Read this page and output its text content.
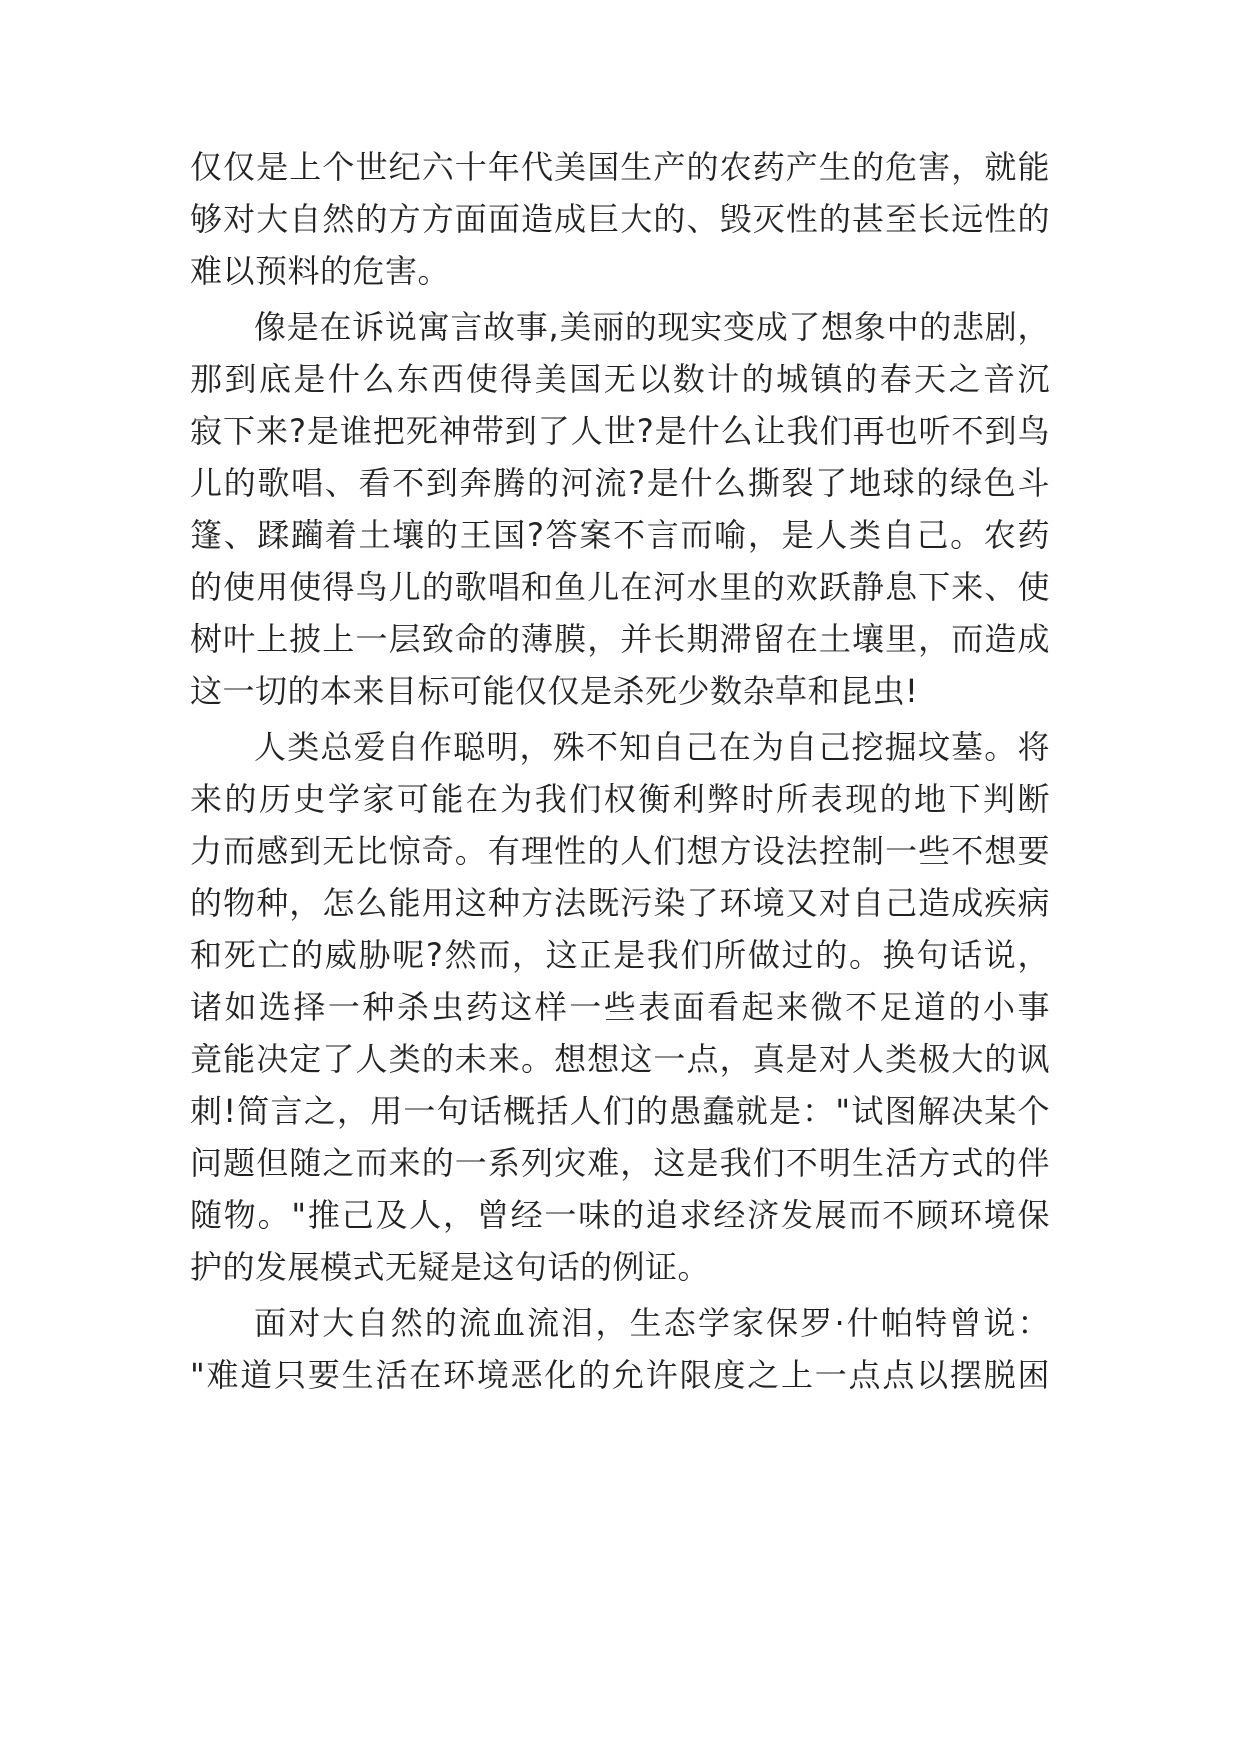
仅仅是上个世纪六十年代美国生产的农药产生的危害，就能

够对大自然的方方面面造成巨大的、毁灭性的甚至长远性的

难以预料的危害。

像是在诉说寓言故事,美丽的现实变成了想象中的悲剧，

那到底是什么东西使得美国无以数计的城镇的春天之音沉

寂下来?是谁把死神带到了人世?是什么让我们再也听不到鸟

儿的歌唱、看不到奔腾的河流?是什么撕裂了地球的绿色斗

篷、蹂躏着土壤的王国?答案不言而喻，是人类自己。农药

的使用使得鸟儿的歌唱和鱼儿在河水里的欢跃静息下来、使

树叶上披上一层致命的薄膜，并长期滞留在土壤里，而造成

这一切的本来目标可能仅仅是杀死少数杂草和昆虫!

人类总爱自作聪明，殊不知自己在为自己挖掘坟墓。将

来的历史学家可能在为我们权衡利弊时所表现的地下判断

力而感到无比惊奇。有理性的人们想方设法控制一些不想要

的物种，怎么能用这种方法既污染了环境又对自己造成疾病

和死亡的威胁呢?然而，这正是我们所做过的。换句话说，

诸如选择一种杀虫药这样一些表面看起来微不足道的小事

竟能决定了人类的未来。想想这一点，真是对人类极大的讽

刺!简言之，用一句话概括人们的愚蠢就是："试图解决某个

问题但随之而来的一系列灾难，这是我们不明生活方式的伴

随物。"推己及人，曾经一味的追求经济发展而不顾环境保

护的发展模式无疑是这句话的例证。

面对大自然的流血流泪，生态学家保罗·什帕特曾说：

"难道只要生活在环境恶化的允许限度之上一点点以摆脱困
